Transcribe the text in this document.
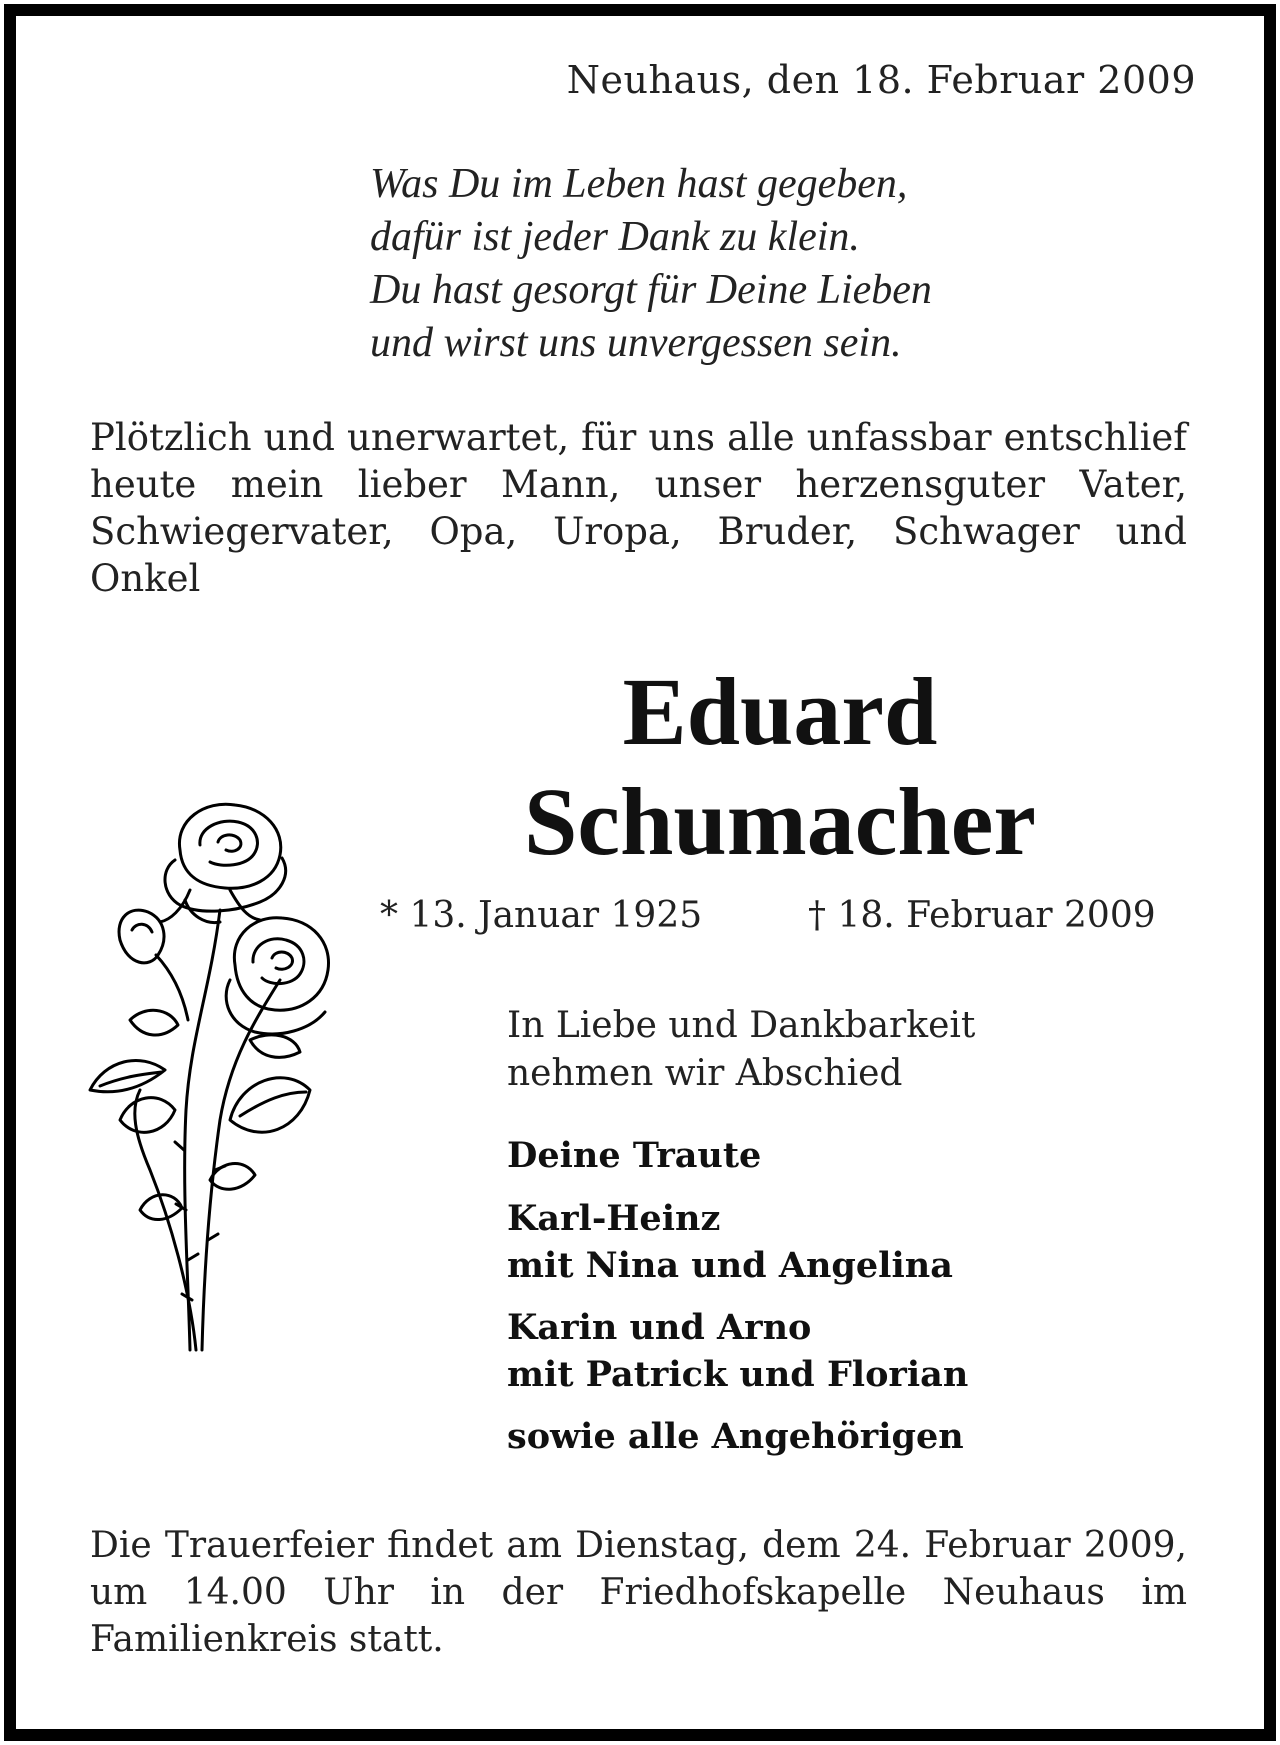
Neuhaus, den 18. Februar 2009
Was Du im Leben hast gegeben,
dafür ist jeder Dank zu klein.
Du hast gesorgt für Deine Lieben
und wirst uns unvergessen sein.
Plötzlich und unerwartet, für uns alle unfassbar entschlief heute mein lieber Mann, unser herzensguter Vater, Schwiegervater, Opa, Uropa, Bruder, Schwager und Onkel
Eduard
Schumacher
* 13. Januar 1925	† 18. Februar 2009
In Liebe und Dankbarkeit
nehmen wir Abschied
Deine Traute
Karl-Heinz
mit Nina und Angelina
Karin und Arno
mit Patrick und Florian
sowie alle Angehörigen
Die Trauerfeier findet am Dienstag, dem 24. Februar 2009, um 14.00 Uhr in der Friedhofskapelle Neuhaus im Familienkreis statt.
